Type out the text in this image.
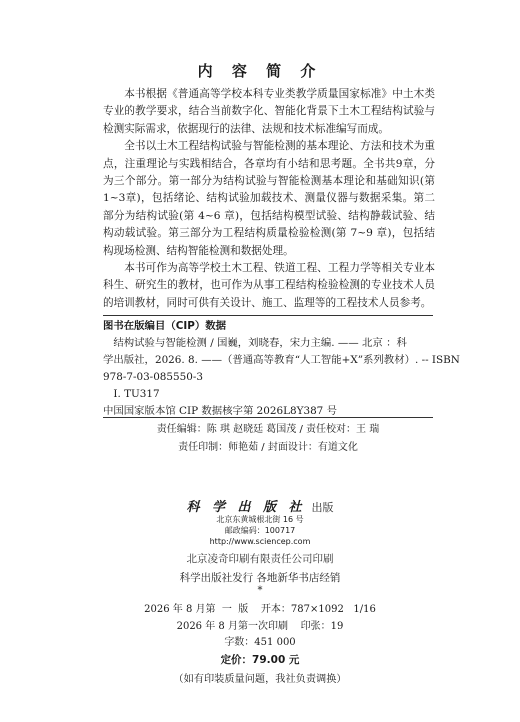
内 容 简 介

本书根据《普通高等学校本科专业类教学质量国家标准》中土木类专业的教学要求，结合当前数字化、智能化背景下土木工程结构试验与检测实际需求，依据现行的法律、法规和技术标准编写而成。

全书以土木工程结构试验与智能检测的基本理论、方法和技术为重点，注重理论与实践相结合，各章均有小结和思考题。全书共9章，分为三个部分。第一部分为结构试验与智能检测基本理论和基础知识(第 1~3章)，包括绪论、结构试验加载技术、测量仪器与数据采集。第二部分为结构试验(第 4~6 章)，包括结构模型试验、结构静载试验、结构动载试验。第三部分为工程结构质量检验检测(第 7~9 章)，包括结构现场检测、结构智能检测和数据处理。

本书可作为高等学校土木工程、铁道工程、工程力学等相关专业本科生、研究生的教材，也可作为从事工程结构检验检测的专业技术人员的培训教材，同时可供有关设计、施工、监理等的工程技术人员参考。

图书在版编目（CIP）数据
结构试验与智能检测 / 国巍，刘晓春，宋力主编. —— 北京 ：科
学出版社，2026. 8. ——（普通高等教育“人工智能+X”系列教材）. -- ISBN
978-7-03-085550-3
Ⅰ. TU317
中国国家版本馆 CIP 数据核字第 2026L8Y387 号
责任编辑：陈 琪 赵晓廷 葛国茂 / 责任校对：王 瑞
责任印制：师艳茹 / 封面设计：有道文化
科 学 出 版 社 出版
北京东黄城根北街 16 号
邮政编码：100717
http://www.sciencep.com
北京凌奇印刷有限责任公司印刷
科学出版社发行 各地新华书店经销
*
2026 年 8 月第  一  版    开本：787×1092   1/16
2026 年 8 月第一次印刷    印张：19
字数：451 000
定价：79.00 元
（如有印装质量问题，我社负责调换）
